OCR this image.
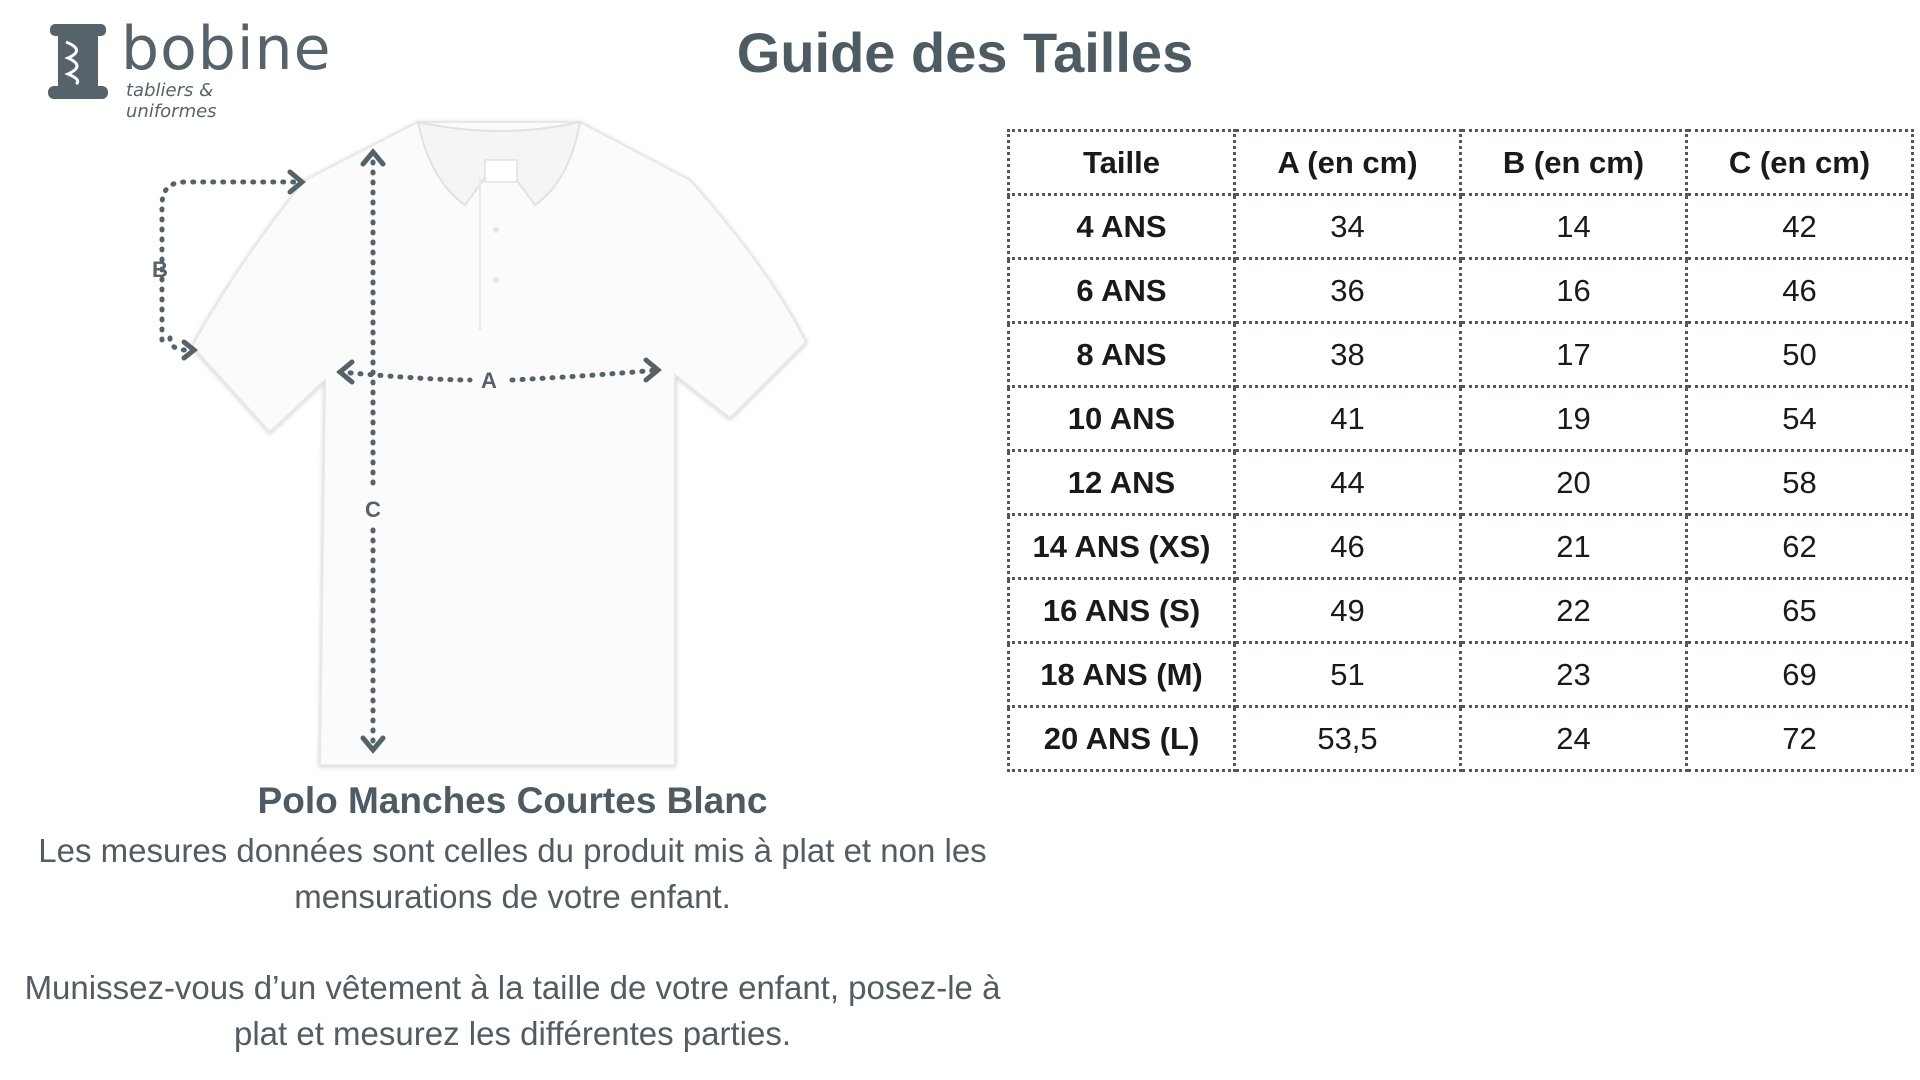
bobine
tabliers & uniformes
Guide des Tailles
B
A
C
Polo Manches Courtes Blanc
Les mesures données sont celles du produit mis à plat et non les mensurations de votre enfant.
Munissez-vous d’un vêtement à la taille de votre enfant, posez-le à plat et mesurez les différentes parties.
Taille	A (en cm)	B (en cm)	C (en cm)
4 ANS	34	14	42
6 ANS	36	16	46
8 ANS	38	17	50
10 ANS	41	19	54
12 ANS	44	20	58
14 ANS (XS)	46	21	62
16 ANS (S)	49	22	65
18 ANS (M)	51	23	69
20 ANS (L)	53,5	24	72
